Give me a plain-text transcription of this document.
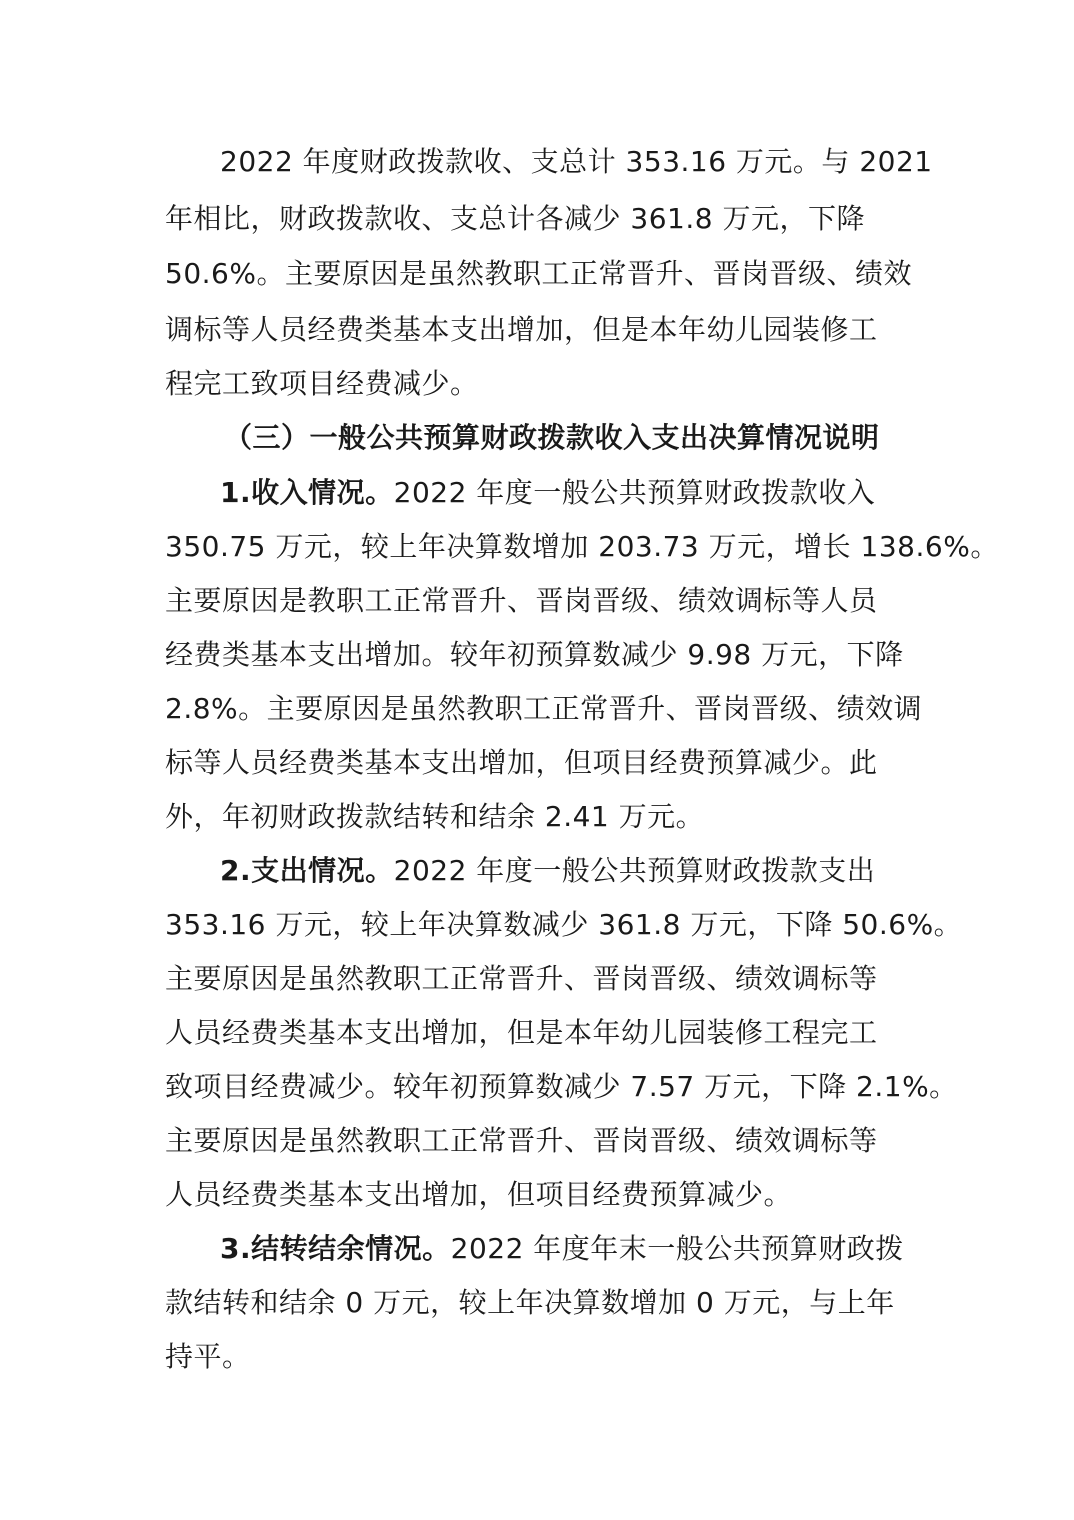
2022 年度财政拨款收、支总计 353.16 万元。与 2021
年相比，财政拨款收、支总计各减少 361.8 万元，下降
50.6%。主要原因是虽然教职工正常晋升、晋岗晋级、绩效
调标等人员经费类基本支出增加，但是本年幼儿园装修工
程完工致项目经费减少。
（三）一般公共预算财政拨款收入支出决算情况说明
1.收入情况。2022 年度一般公共预算财政拨款收入
350.75 万元，较上年决算数增加 203.73 万元，增长 138.6%。
主要原因是教职工正常晋升、晋岗晋级、绩效调标等人员
经费类基本支出增加。较年初预算数减少 9.98 万元，下降
2.8%。主要原因是虽然教职工正常晋升、晋岗晋级、绩效调
标等人员经费类基本支出增加，但项目经费预算减少。此
外，年初财政拨款结转和结余 2.41 万元。
2.支出情况。2022 年度一般公共预算财政拨款支出
353.16 万元，较上年决算数减少 361.8 万元，下降 50.6%。
主要原因是虽然教职工正常晋升、晋岗晋级、绩效调标等
人员经费类基本支出增加，但是本年幼儿园装修工程完工
致项目经费减少。较年初预算数减少 7.57 万元，下降 2.1%。
主要原因是虽然教职工正常晋升、晋岗晋级、绩效调标等
人员经费类基本支出增加，但项目经费预算减少。
3.结转结余情况。2022 年度年末一般公共预算财政拨
款结转和结余 0 万元，较上年决算数增加 0 万元，与上年
持平。
